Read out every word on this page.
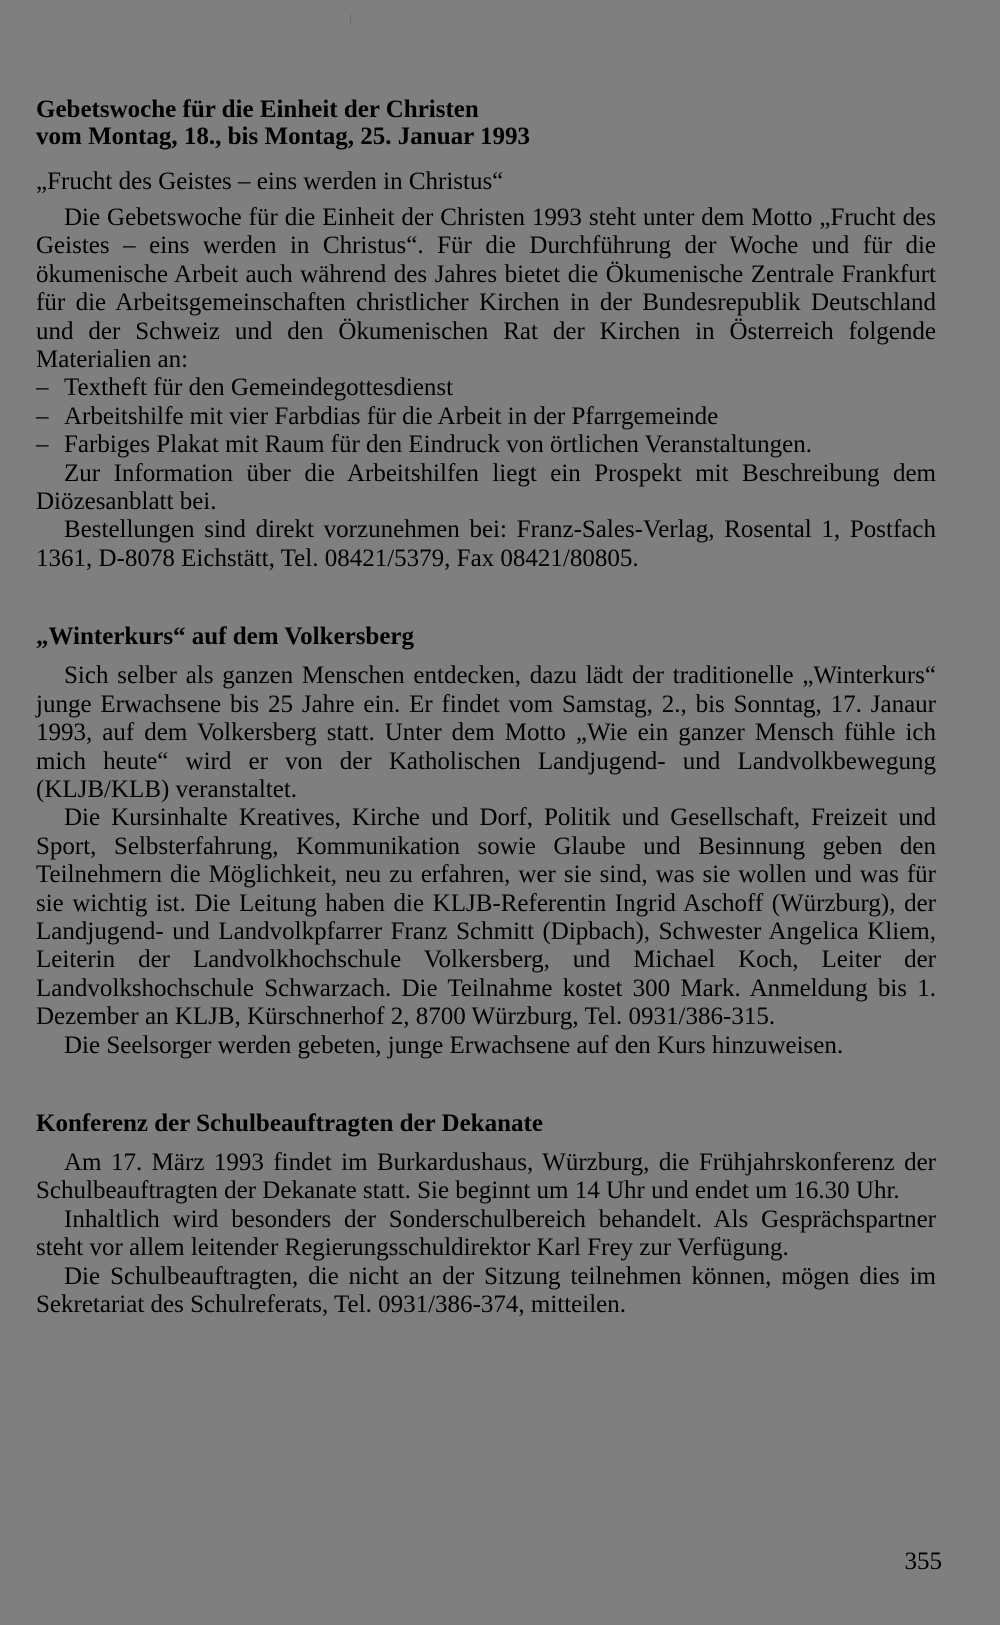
Gebetswoche für die Einheit der Christen
vom Montag, 18., bis Montag, 25. Januar 1993

„Frucht des Geistes – eins werden in Christus“

Die Gebetswoche für die Einheit der Christen 1993 steht unter dem Motto „Frucht des Geistes – eins werden in Christus“. Für die Durchführung der Woche und für die ökumenische Arbeit auch während des Jahres bietet die Ökumenische Zentrale Frankfurt für die Arbeitsgemeinschaften christlicher Kirchen in der Bundesrepublik Deutschland und der Schweiz und den Ökumenischen Rat der Kirchen in Österreich folgende Materialien an:

– Textheft für den Gemeindegottesdienst
– Arbeitshilfe mit vier Farbdias für die Arbeit in der Pfarrgemeinde
– Farbiges Plakat mit Raum für den Eindruck von örtlichen Veranstaltungen.

Zur Information über die Arbeitshilfen liegt ein Prospekt mit Beschreibung dem Diözesanblatt bei.

Bestellungen sind direkt vorzunehmen bei: Franz-Sales-Verlag, Rosental 1, Postfach 1361, D-8078 Eichstätt, Tel. 08421/5379, Fax 08421/80805.

„Winterkurs“ auf dem Volkersberg

Sich selber als ganzen Menschen entdecken, dazu lädt der traditionelle „Winterkurs“ junge Erwachsene bis 25 Jahre ein. Er findet vom Samstag, 2., bis Sonntag, 17. Janaur 1993, auf dem Volkersberg statt. Unter dem Motto „Wie ein ganzer Mensch fühle ich mich heute“ wird er von der Katholischen Landjugend- und Landvolkbewegung (KLJB/KLB) veranstaltet.

Die Kursinhalte Kreatives, Kirche und Dorf, Politik und Gesellschaft, Freizeit und Sport, Selbsterfahrung, Kommunikation sowie Glaube und Besinnung geben den Teilnehmern die Möglichkeit, neu zu erfahren, wer sie sind, was sie wollen und was für sie wichtig ist. Die Leitung haben die KLJB-Referentin Ingrid Aschoff (Würzburg), der Landjugend- und Landvolkpfarrer Franz Schmitt (Dipbach), Schwester Angelica Kliem, Leiterin der Landvolkhochschule Volkersberg, und Michael Koch, Leiter der Landvolkshochschule Schwarzach. Die Teilnahme kostet 300 Mark. Anmeldung bis 1. Dezember an KLJB, Kürschnerhof 2, 8700 Würzburg, Tel. 0931/386-315.

Die Seelsorger werden gebeten, junge Erwachsene auf den Kurs hinzuweisen.

Konferenz der Schulbeauftragten der Dekanate

Am 17. März 1993 findet im Burkardushaus, Würzburg, die Frühjahrskonferenz der Schulbeauftragten der Dekanate statt. Sie beginnt um 14 Uhr und endet um 16.30 Uhr.

Inhaltlich wird besonders der Sonderschulbereich behandelt. Als Gesprächspartner steht vor allem leitender Regierungsschuldirektor Karl Frey zur Verfügung.

Die Schulbeauftragten, die nicht an der Sitzung teilnehmen können, mögen dies im Sekretariat des Schulreferats, Tel. 0931/386-374, mitteilen.

355
